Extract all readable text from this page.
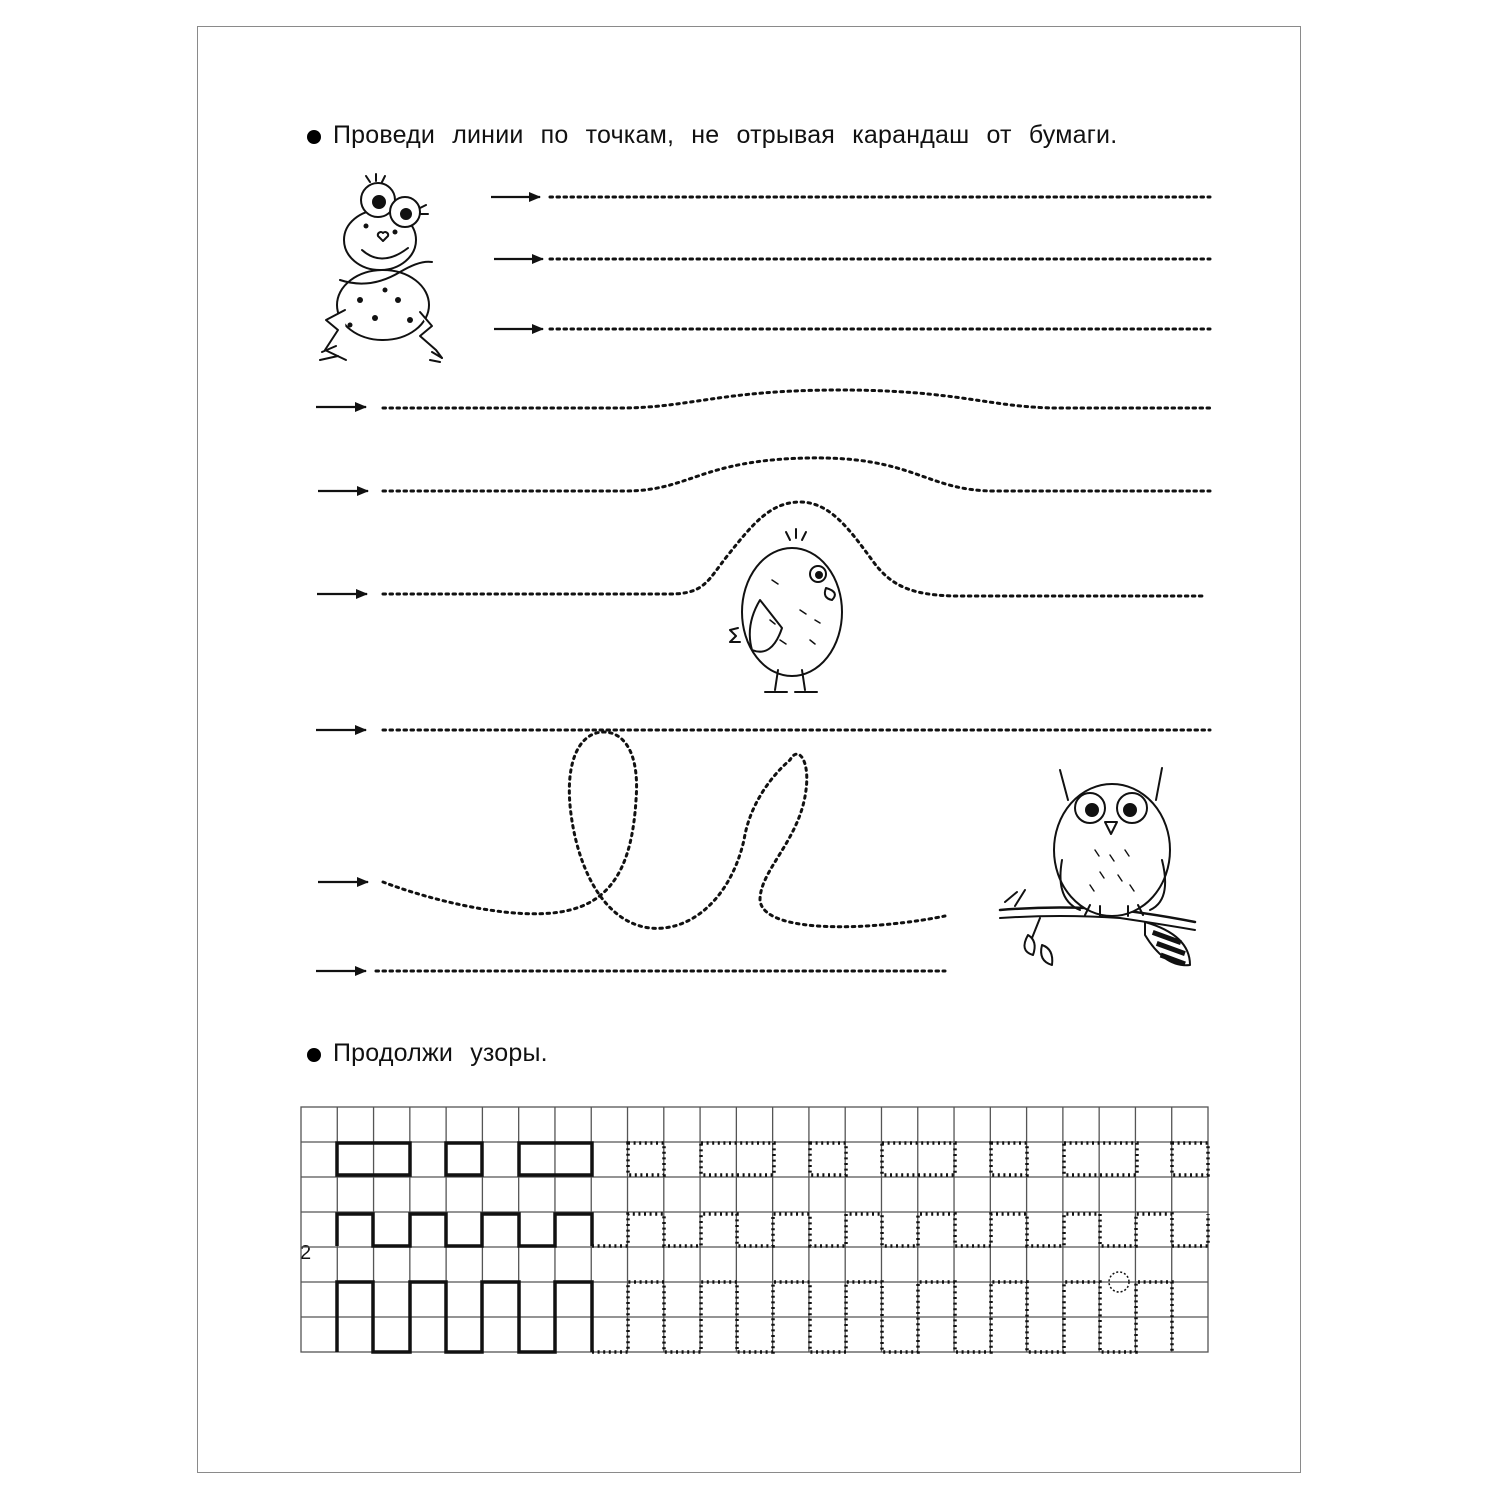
Проведи линии по точкам, не отрывая карандаш от бумаги.
Продолжи узоры.
2
